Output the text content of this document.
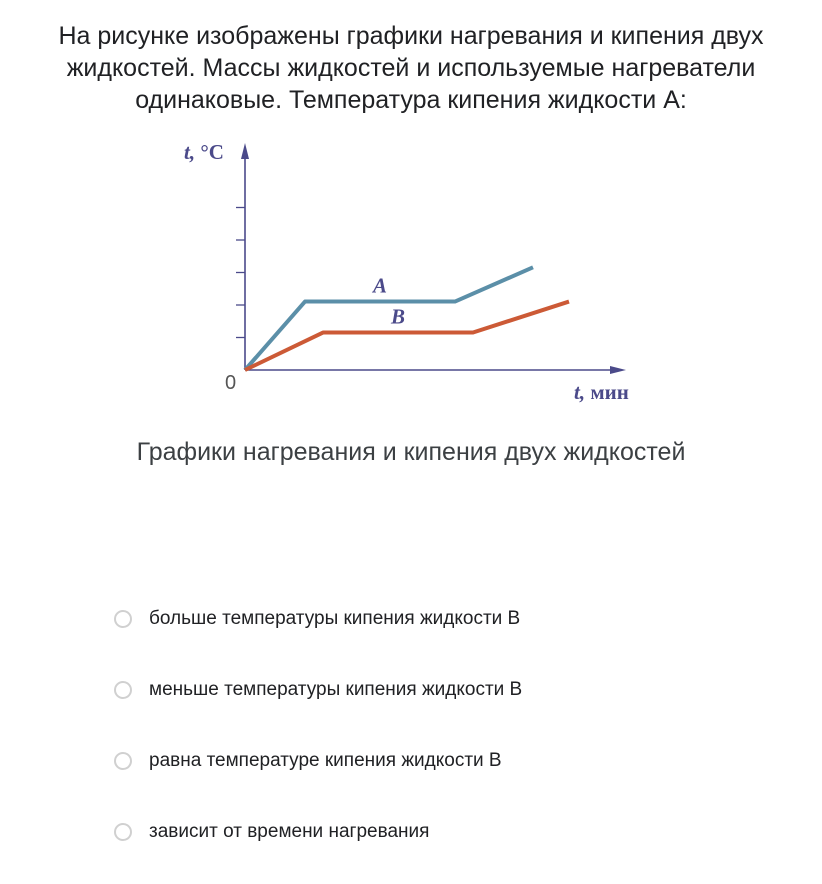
На рисунке изображены графики нагревания и кипения двух жидкостей. Массы жидкостей и используемые нагреватели одинаковые. Температура кипения жидкости А:
t, °C
t, мин
0
A
B
Графики нагревания и кипения двух жидкостей
больше температуры кипения жидкости В
меньше температуры кипения жидкости В
равна температуре кипения жидкости В
зависит от времени нагревания
